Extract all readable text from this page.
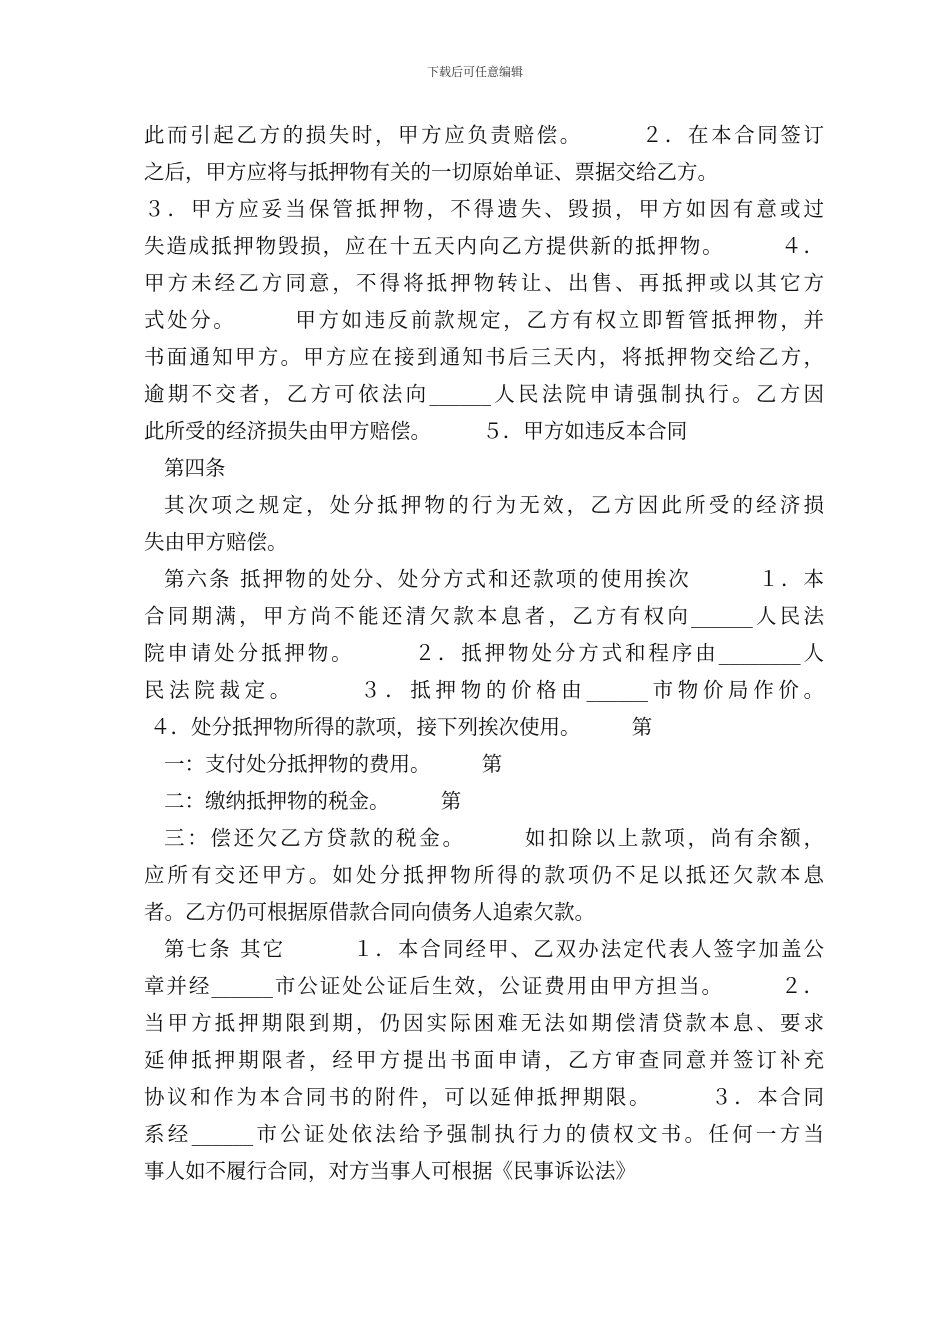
下载后可任意编辑
此而引起乙方的损失时，甲方应负责赔偿。　　　２．在本合同签订
之后，甲方应将与抵押物有关的一切原始单证、票据交给乙方。
３．甲方应妥当保管抵押物，不得遗失、毁损，甲方如因有意或过
失造成抵押物毁损，应在十五天内向乙方提供新的抵押物。　　　４．
甲方未经乙方同意，不得将抵押物转让、出售、再抵押或以其它方
式处分。　　　甲方如违反前款规定，乙方有权立即暂管抵押物，并
书面通知甲方。甲方应在接到通知书后三天内，将抵押物交给乙方，
逾期不交者，乙方可依法向______人民法院申请强制执行。乙方因
此所受的经济损失由甲方赔偿。　　　５．甲方如违反本合同
第四条
其次项之规定，处分抵押物的行为无效，乙方因此所受的经济损
失由甲方赔偿。
第六条 抵押物的处分、处分方式和还款项的使用挨次　　　１．本
合同期满，甲方尚不能还清欠款本息者，乙方有权向______人民法
院申请处分抵押物。　　　２．抵押物处分方式和程序由________人
民法院裁定。　　　３．抵押物的价格由______市物价局作价。
４．处分抵押物所得的款项，接下列挨次使用。　　　第
一：支付处分抵押物的费用。　　　第
二：缴纳抵押物的税金。　　　第
三：偿还欠乙方贷款的税金。　　　如扣除以上款项，尚有余额，
应所有交还甲方。如处分抵押物所得的款项仍不足以抵还欠款本息
者。乙方仍可根据原借款合同向债务人追索欠款。
第七条 其它　　　１．本合同经甲、乙双办法定代表人签字加盖公
章并经______市公证处公证后生效，公证费用由甲方担当。　　　２．
当甲方抵押期限到期，仍因实际困难无法如期偿清贷款本息、要求
延伸抵押期限者，经甲方提出书面申请，乙方审查同意并签订补充
协议和作为本合同书的附件，可以延伸抵押期限。　　　３．本合同
系经______市公证处依法给予强制执行力的债权文书。任何一方当
事人如不履行合同，对方当事人可根据《民事诉讼法》
